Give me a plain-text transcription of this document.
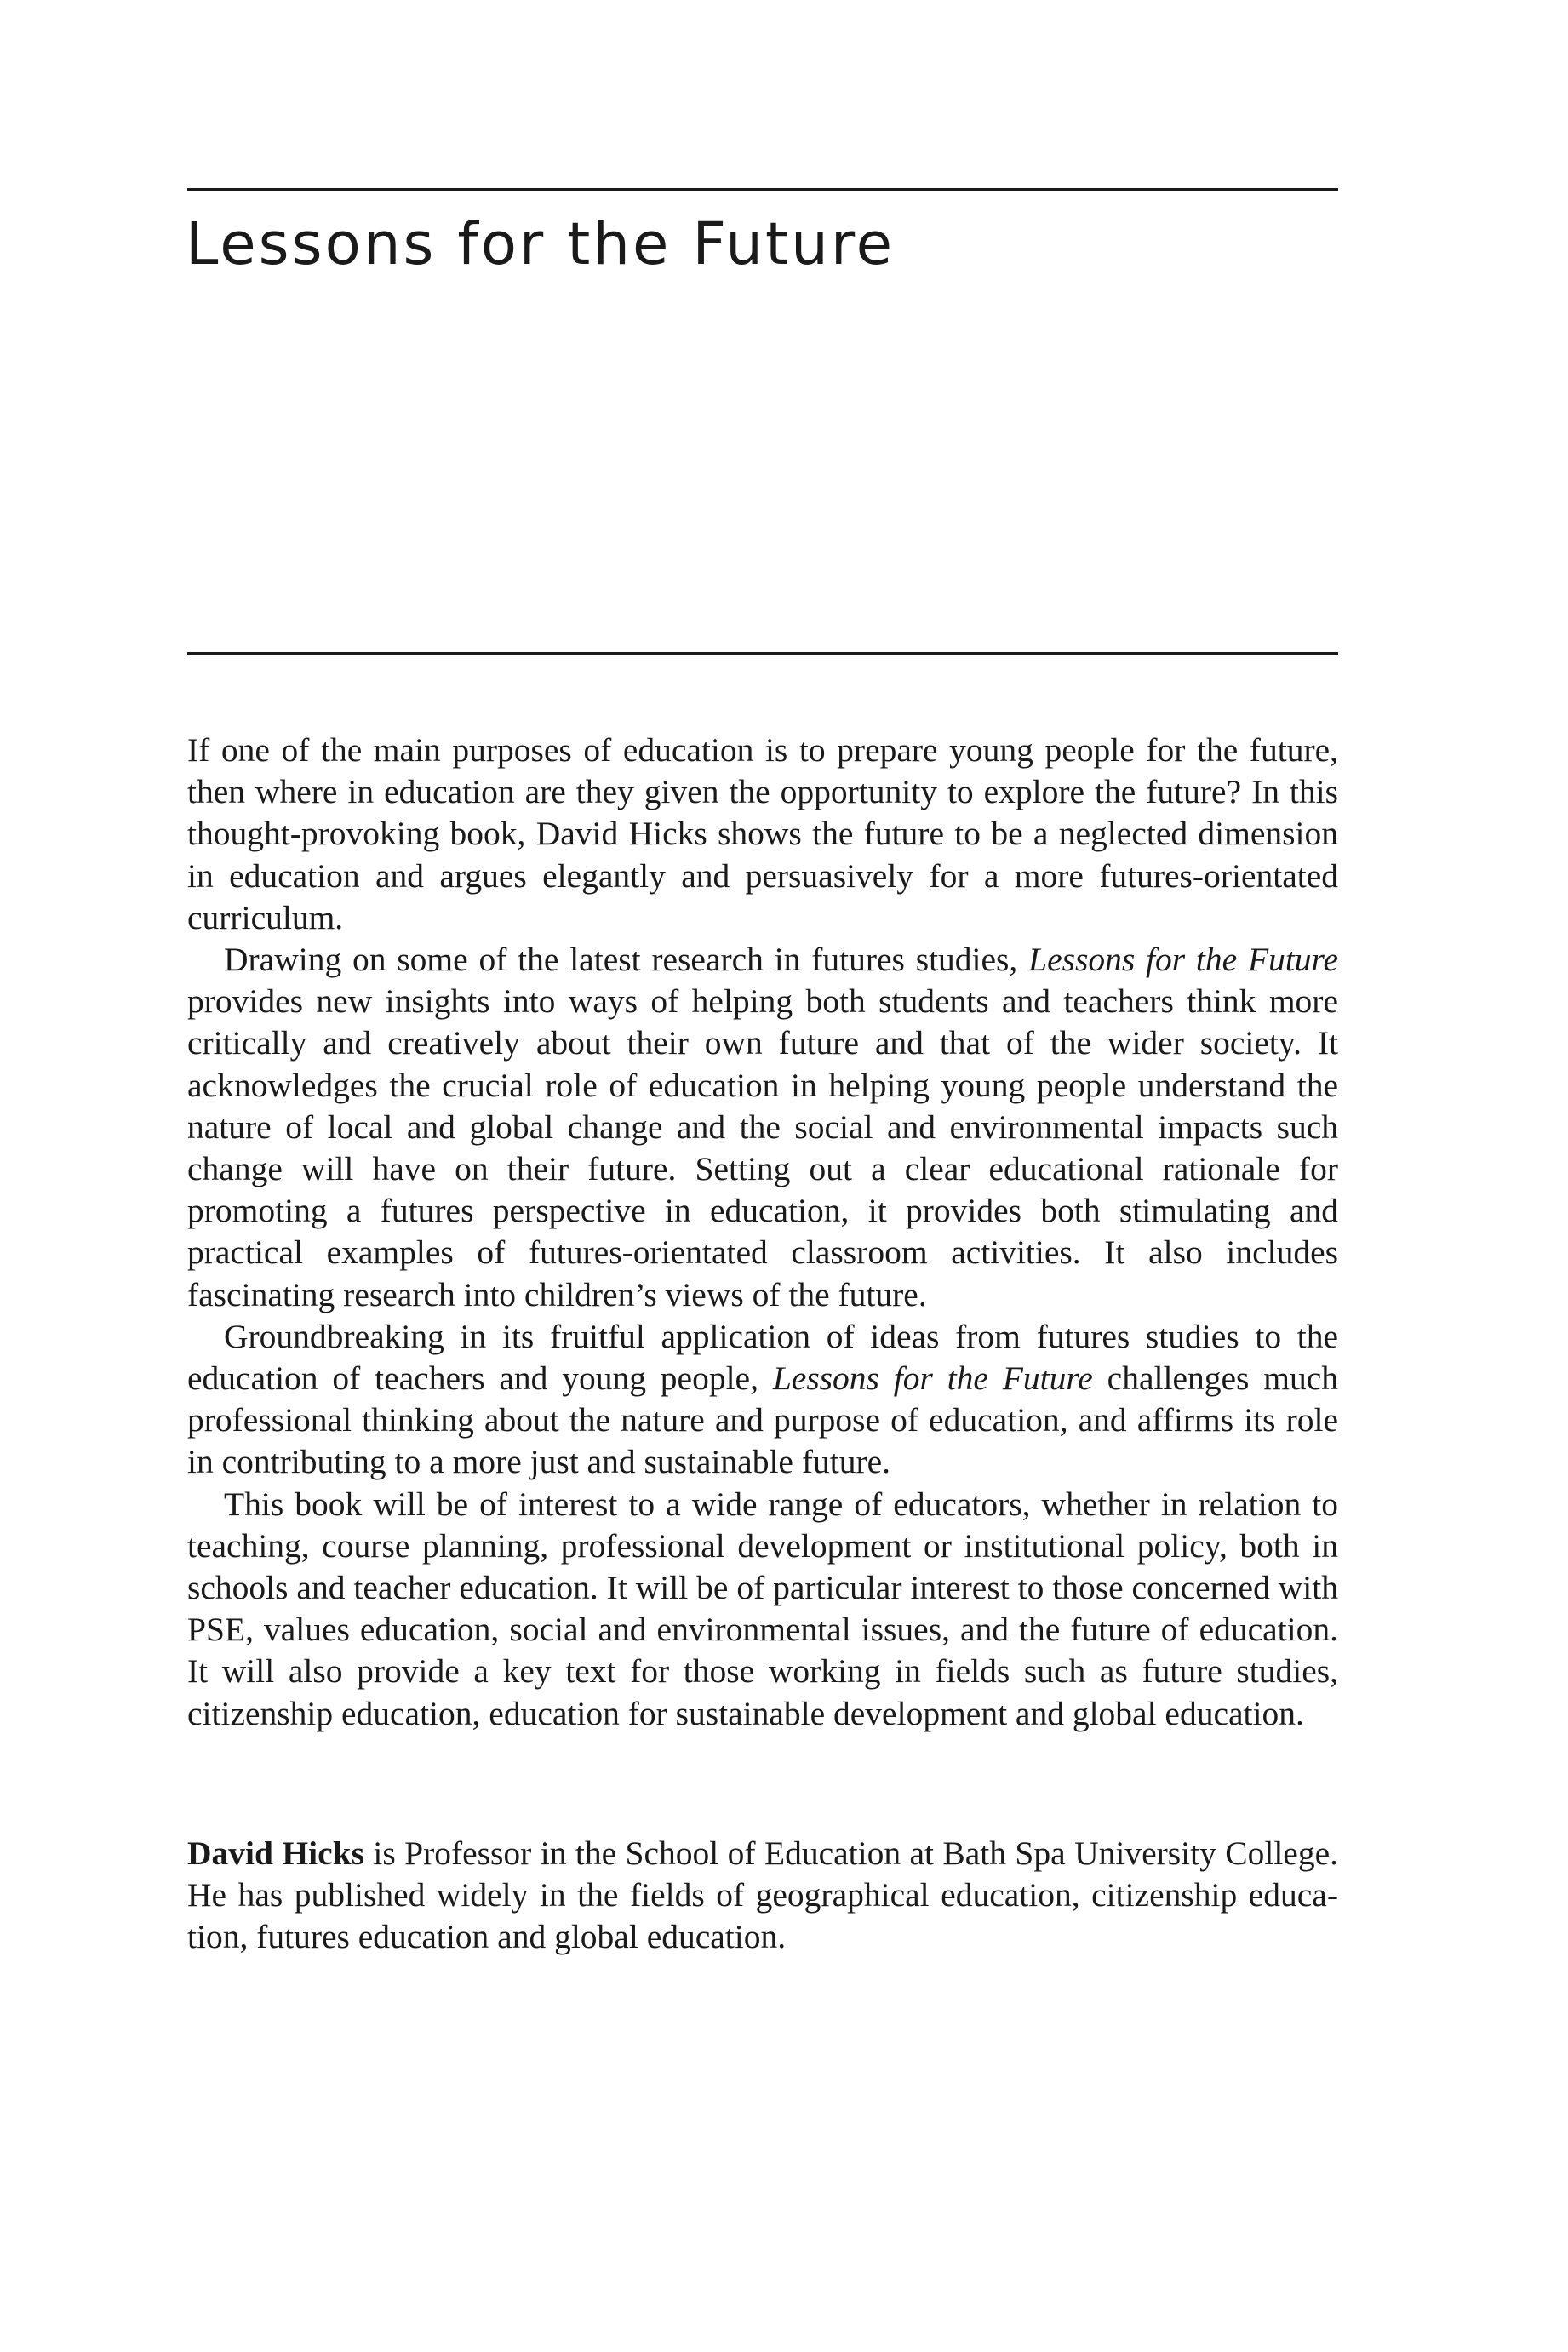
Lessons for the Future

If one of the main purposes of education is to prepare young people for the future, then where in education are they given the opportunity to explore the future? In this thought-provoking book, David Hicks shows the future to be a neglected dimension in education and argues elegantly and persuasively for a more futures-orientated curriculum.

Drawing on some of the latest research in futures studies, Lessons for the Future provides new insights into ways of helping both students and teachers think more critically and creatively about their own future and that of the wider society. It acknowledges the crucial role of education in helping young people understand the nature of local and global change and the social and environmental impacts such change will have on their future. Setting out a clear educational rationale for promoting a futures perspective in education, it provides both stimulating and practical examples of futures-orientated classroom activities. It also includes fascinating research into children’s views of the future.

Groundbreaking in its fruitful application of ideas from futures studies to the education of teachers and young people, Lessons for the Future challenges much professional thinking about the nature and purpose of education, and affirms its role in contributing to a more just and sustainable future.

This book will be of interest to a wide range of educators, whether in relation to teaching, course planning, professional development or institutional policy, both in schools and teacher education. It will be of particular interest to those concerned with PSE, values education, social and environmental issues, and the future of education. It will also provide a key text for those working in fields such as future studies, citizenship education, education for sustainable development and global education.

David Hicks is Professor in the School of Education at Bath Spa University College. He has published widely in the fields of geographical education, citizenship education, futures education and global education.
